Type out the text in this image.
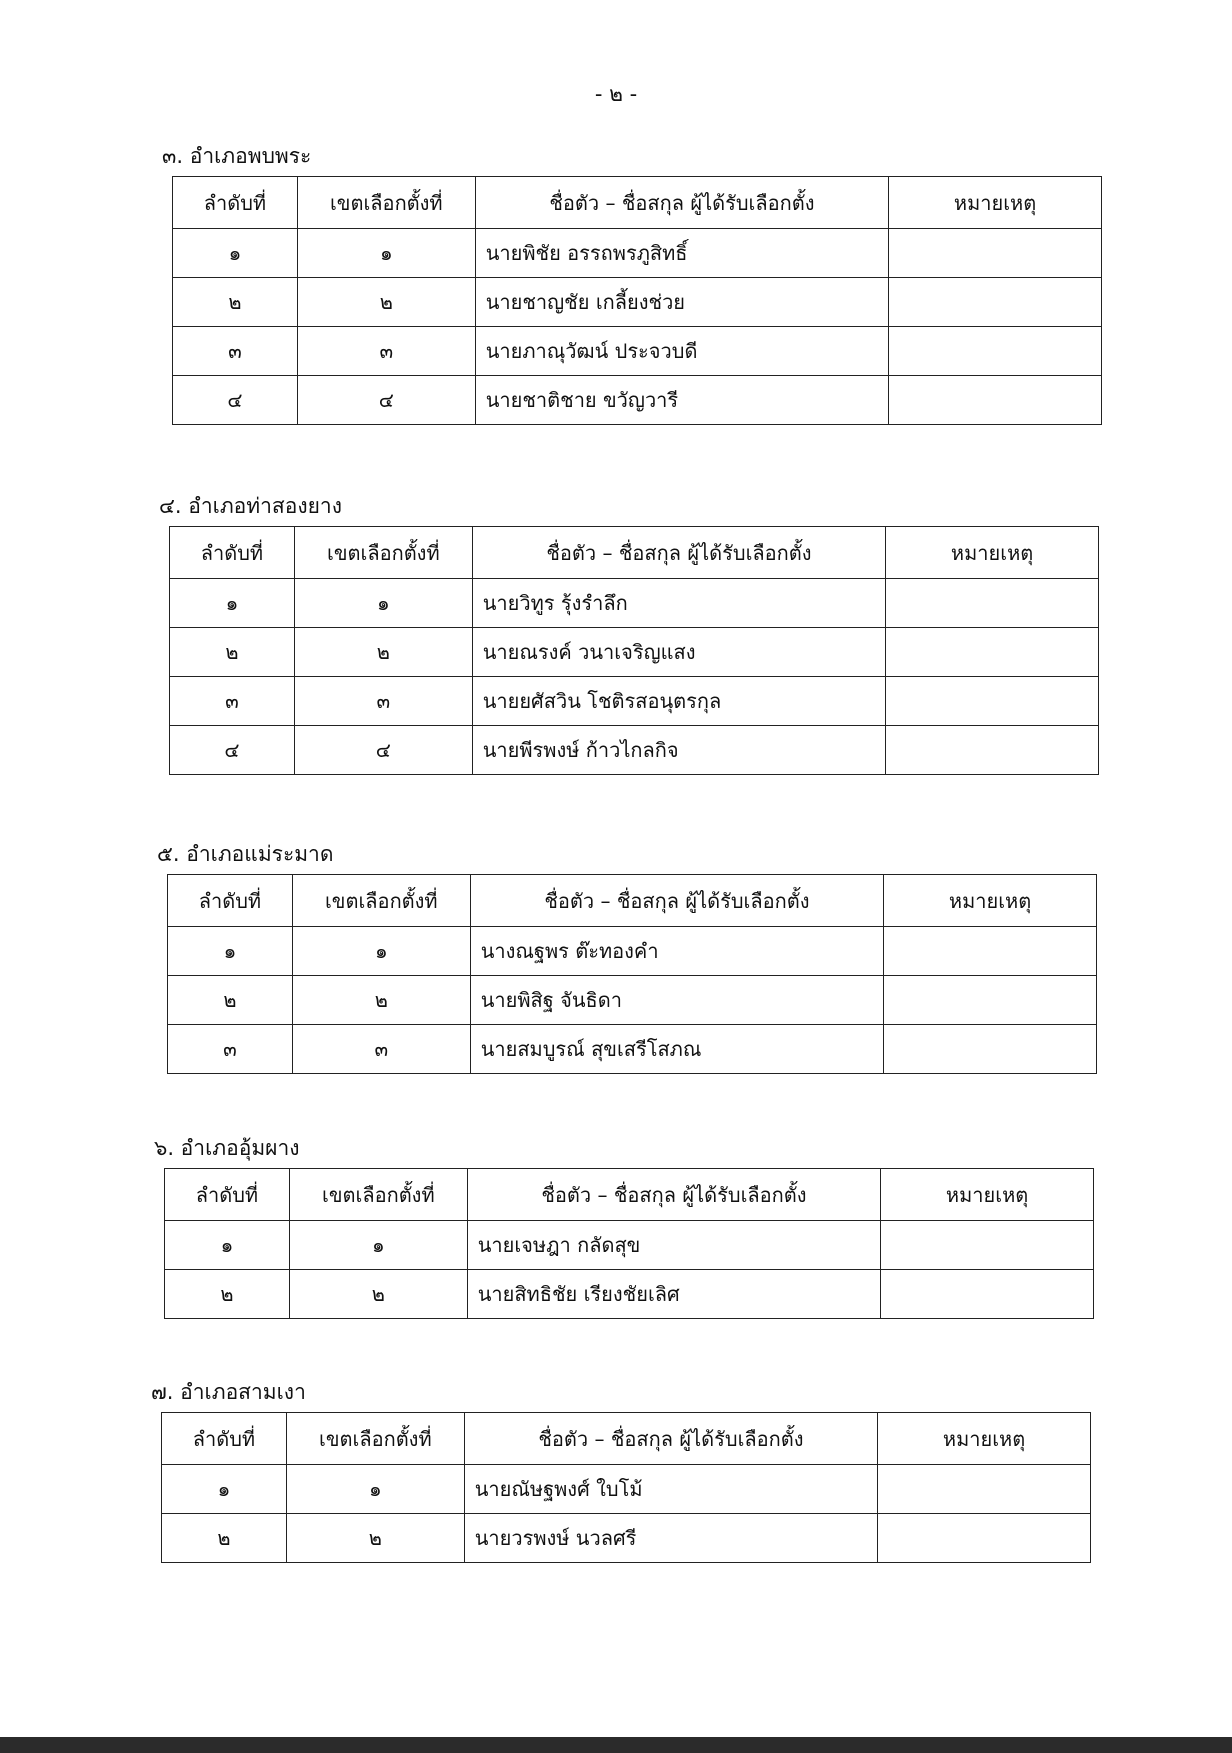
- ๒ -
๓. อำเภอพบพระ
ลำดับที่	เขตเลือกตั้งที่	ชื่อตัว – ชื่อสกุล ผู้ได้รับเลือกตั้ง	หมายเหตุ
๑	๑	นายพิชัย อรรถพรภูสิทธิ์	
๒	๒	นายชาญชัย เกลี้ยงช่วย	
๓	๓	นายภาณุวัฒน์ ประจวบดี	
๔	๔	นายชาติชาย ขวัญวารี	
๔. อำเภอท่าสองยาง
ลำดับที่	เขตเลือกตั้งที่	ชื่อตัว – ชื่อสกุล ผู้ได้รับเลือกตั้ง	หมายเหตุ
๑	๑	นายวิทูร รุ้งรำลึก	
๒	๒	นายณรงค์ วนาเจริญแสง	
๓	๓	นายยศัสวิน โชติรสอนุตรกุล	
๔	๔	นายพีรพงษ์ ก้าวไกลกิจ	
๕. อำเภอแม่ระมาด
ลำดับที่	เขตเลือกตั้งที่	ชื่อตัว – ชื่อสกุล ผู้ได้รับเลือกตั้ง	หมายเหตุ
๑	๑	นางณฐพร ต๊ะทองคำ	
๒	๒	นายพิสิฐ จันธิดา	
๓	๓	นายสมบูรณ์ สุขเสรีโสภณ	
๖. อำเภออุ้มผาง
ลำดับที่	เขตเลือกตั้งที่	ชื่อตัว – ชื่อสกุล ผู้ได้รับเลือกตั้ง	หมายเหตุ
๑	๑	นายเจษฎา กลัดสุข	
๒	๒	นายสิทธิชัย เรียงชัยเลิศ	
๗. อำเภอสามเงา
ลำดับที่	เขตเลือกตั้งที่	ชื่อตัว – ชื่อสกุล ผู้ได้รับเลือกตั้ง	หมายเหตุ
๑	๑	นายณัษฐพงศ์ ใบโม้	
๒	๒	นายวรพงษ์ นวลศรี	
